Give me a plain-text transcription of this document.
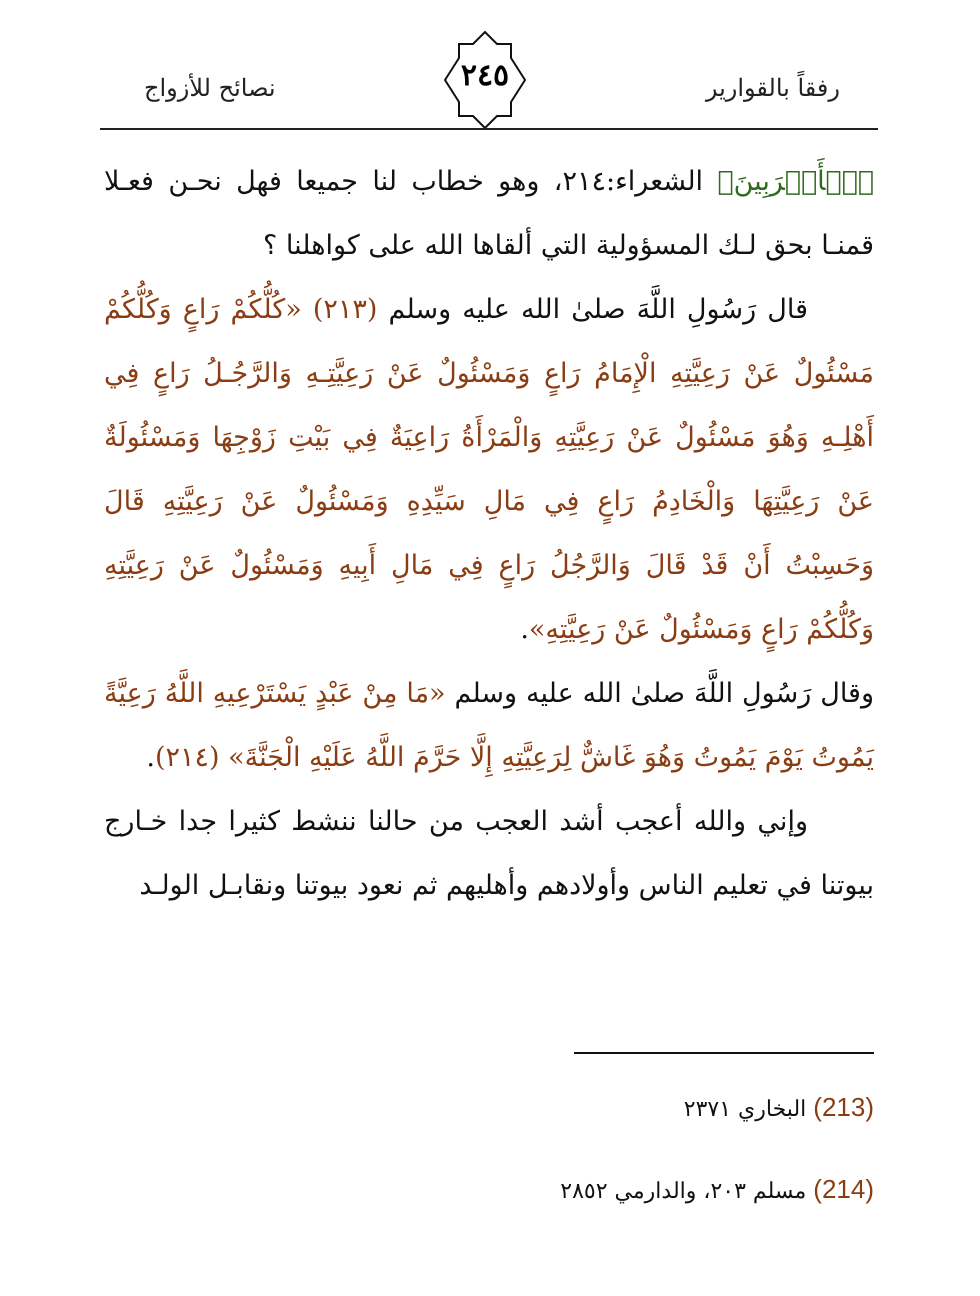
رفقاً بالقوارير
٢٤٥
نصائح للأزواج

ٱلۡأَقۡرَبِينَ﴾ الشعراء:٢١٤، وهو خطاب لنا جميعا فهل نحـن فعـلا قمنـا بحق لـك المسؤولية التي ألقاها الله على كواهلنا ؟

قال رَسُولِ اللَّهَ صلىٰ الله عليه وسلم (٢١٣) «كُلُّكُمْ رَاعٍ وَكُلُّكُمْ مَسْئُولٌ عَنْ رَعِيَّتِهِ الْإِمَامُ رَاعٍ وَمَسْئُولٌ عَنْ رَعِيَّتِـهِ وَالرَّجُـلُ رَاعٍ فِي أَهْلِـهِ وَهُوَ مَسْئُولٌ عَنْ رَعِيَّتِهِ وَالْمَرْأَةُ رَاعِيَةٌ فِي بَيْتِ زَوْجِهَا وَمَسْئُولَةٌ عَنْ رَعِيَّتِهَا وَالْخَادِمُ رَاعٍ فِي مَالِ سَيِّدِهِ وَمَسْئُولٌ عَنْ رَعِيَّتِهِ قَالَ وَحَسِبْتُ أَنْ قَدْ قَالَ وَالرَّجُلُ رَاعٍ فِي مَالِ أَبِيهِ وَمَسْئُولٌ عَنْ رَعِيَّتِهِ وَكُلُّكُمْ رَاعٍ وَمَسْئُولٌ عَنْ رَعِيَّتِهِ».

وقال رَسُولِ اللَّهَ صلىٰ الله عليه وسلم «مَا مِنْ عَبْدٍ يَسْتَرْعِيهِ اللَّهُ رَعِيَّةً يَمُوتُ يَوْمَ يَمُوتُ وَهُوَ غَاشٌّ لِرَعِيَّتِهِ إِلَّا حَرَّمَ اللَّهُ عَلَيْهِ الْجَنَّةَ» (٢١٤).

وإني والله أعجب أشد العجب من حالنا ننشط كثيرا جدا خـارج بيوتنا في تعليم الناس وأولادهم وأهليهم ثم نعود بيوتنا ونقابـل الولـد

(213) البخاري ٢٣٧١
(214) مسلم ٢٠٣، والدارمي ٢٨٥٢
